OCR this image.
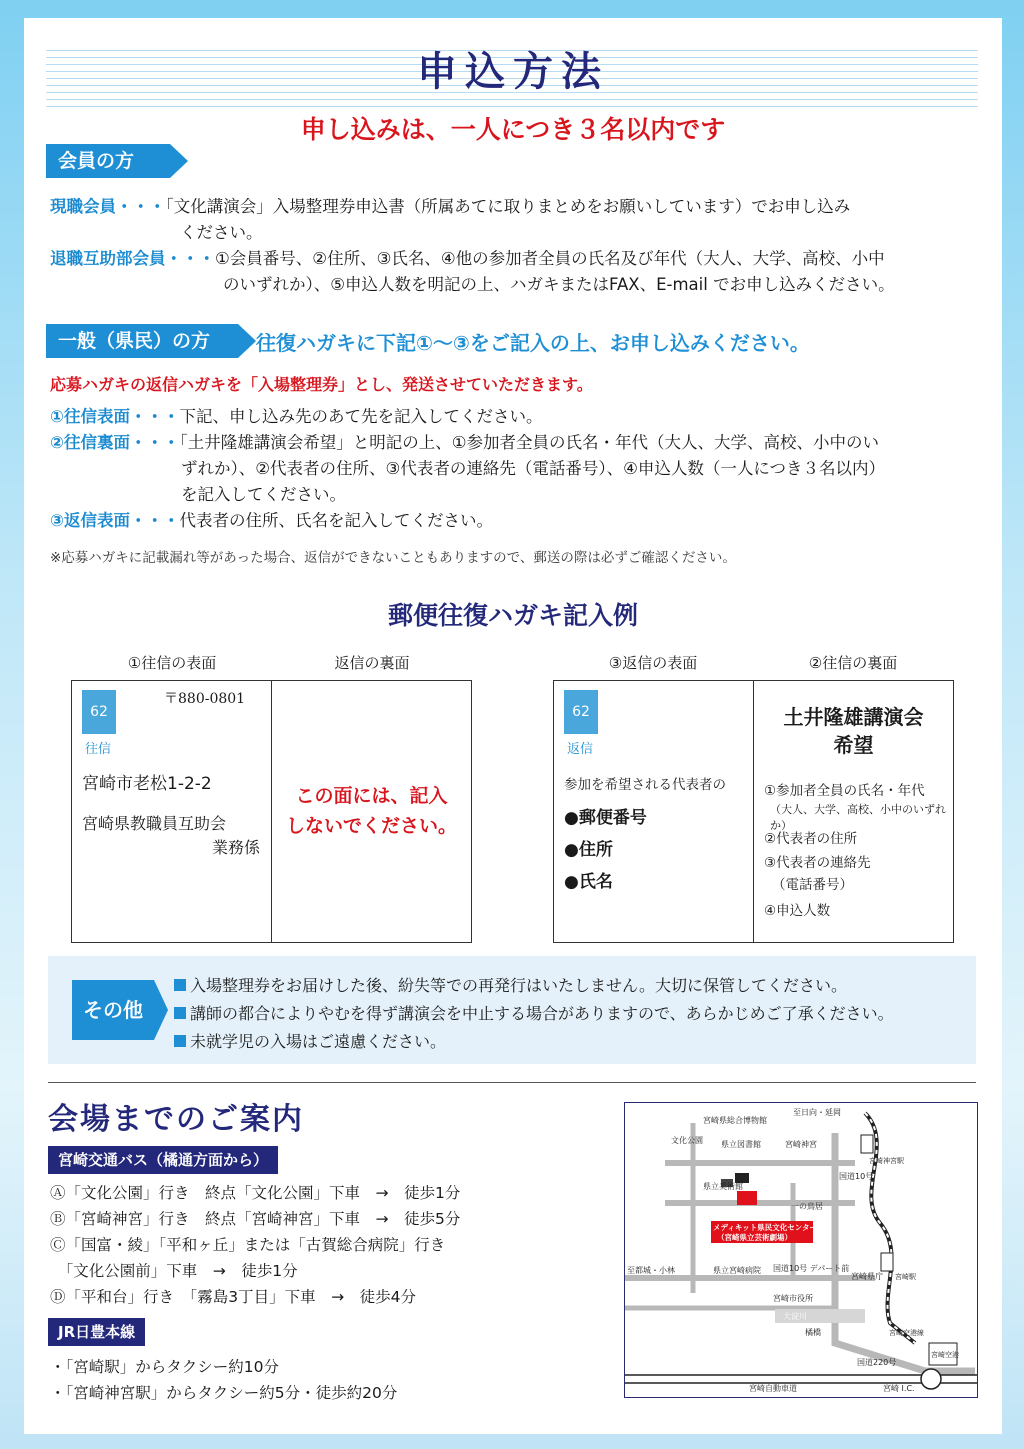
申込方法
申し込みは、一人につき３名以内です
会員の方
現職会員・・・「文化講演会」入場整理券申込書（所属あてに取りまとめをお願いしています）でお申し込み
ください。
退職互助部会員・・・①会員番号、②住所、③氏名、④他の参加者全員の氏名及び年代（大人、大学、高校、小中
のいずれか）、⑤申込人数を明記の上、ハガキまたはFAX、E-mail でお申し込みください。
一般（県民）の方	往復ハガキに下記①～③をご記入の上、お申し込みください。
応募ハガキの返信ハガキを「入場整理券」とし、発送させていただきます。
①往信表面・・・下記、申し込み先のあて先を記入してください。
②往信裏面・・・「土井隆雄講演会希望」と明記の上、①参加者全員の氏名・年代（大人、大学、高校、小中のい
ずれか）、②代表者の住所、③代表者の連絡先（電話番号）、④申込人数（一人につき３名以内）
を記入してください。
③返信表面・・・代表者の住所、氏名を記入してください。
※応募ハガキに記載漏れ等があった場合、返信ができないこともありますので、郵送の際は必ずご確認ください。
郵便往復ハガキ記入例
①往信の表面	返信の裏面
62
〒880-0801
往信
宮崎市老松1-2-2
宮崎県教職員互助会
業務係
この面には、記入
しないでください。
③返信の表面	②往信の裏面
62
返信
参加を希望される代表者の
●郵便番号
●住所
●氏名
土井隆雄講演会
希望
①参加者全員の氏名・年代
（大人、大学、高校、小中のいずれか）
②代表者の住所
③代表者の連絡先
（電話番号）
④申込人数
その他
入場整理券をお届けした後、紛失等での再発行はいたしません。大切に保管してください。
講師の都合によりやむを得ず講演会を中止する場合がありますので、あらかじめご了承ください。
未就学児の入場はご遠慮ください。
会場までのご案内
宮崎交通バス（橘通方面から）
Ⓐ「文化公園」行き　終点「文化公園」下車　→　徒歩1分
Ⓑ「宮崎神宮」行き　終点「宮崎神宮」下車　→　徒歩5分
Ⓒ「国富・綾」「平和ヶ丘」または「古賀総合病院」行き
　「文化公園前」下車　→　徒歩1分
Ⓓ「平和台」行き　「霧島3丁目」下車　→　徒歩4分
JR日豊本線
・「宮崎駅」からタクシー約10分
・「宮崎神宮駅」からタクシー約5分・徒歩約20分
宮崎県総合博物館
至日向・延岡
宮崎神宮駅
文化公園 県立図書館	宮崎神宮
県立美術館
国道10号
一の鳥居
メディキット県民文化センター
（宮崎県立芸術劇場）
至都城・小林	県立宮崎病院 国道10号 デパート前
宮崎県庁
宮崎市役所
大淀川
橘橋
宮崎駅
宮崎空港線
宮崎空港
国道220号
宮崎自動車道	宮崎 I.C.
